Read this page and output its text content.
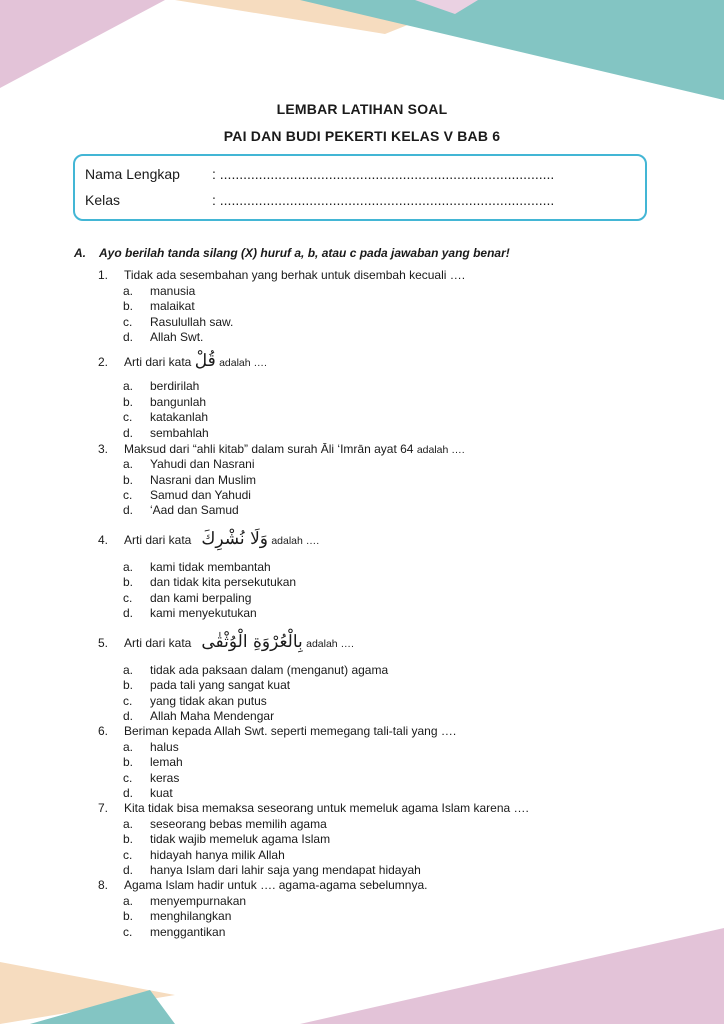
LEMBAR LATIHAN SOAL
PAI DAN BUDI PEKERTI KELAS V BAB 6
Nama Lengkap : ......................................................................................
Kelas	: ......................................................................................
A. Ayo berilah tanda silang (X) huruf a, b, atau c pada jawaban yang benar!
1. Tidak ada sesembahan yang berhak untuk disembah kecuali ….
a. manusia
b. malaikat
c. Rasulullah saw.
d. Allah Swt.
2. Arti dari kata قُلْ adalah ….
a. berdirilah
b. bangunlah
c. katakanlah
d. sembahlah
3. Maksud dari “ahli kitab” dalam surah Āli ‘Imrān ayat 64 adalah ….
a. Yahudi dan Nasrani
b. Nasrani dan Muslim
c. Samud dan Yahudi
d. ‘Aad dan Samud
4. Arti dari kata وَلَا نُشْرِكَ adalah ….
a. kami tidak membantah
b. dan tidak kita persekutukan
c. dan kami berpaling
d. kami menyekutukan
5. Arti dari kata بِالْعُرْوَةِ الْوُثْقٰى adalah ….
a. tidak ada paksaan dalam (menganut) agama
b. pada tali yang sangat kuat
c. yang tidak akan putus
d. Allah Maha Mendengar
6. Beriman kepada Allah Swt. seperti memegang tali-tali yang ….
a. halus
b. lemah
c. keras
d. kuat
7. Kita tidak bisa memaksa seseorang untuk memeluk agama Islam karena ….
a. seseorang bebas memilih agama
b. tidak wajib memeluk agama Islam
c. hidayah hanya milik Allah
d. hanya Islam dari lahir saja yang mendapat hidayah
8. Agama Islam hadir untuk …. agama-agama sebelumnya.
a. menyempurnakan
b. menghilangkan
c. menggantikan
